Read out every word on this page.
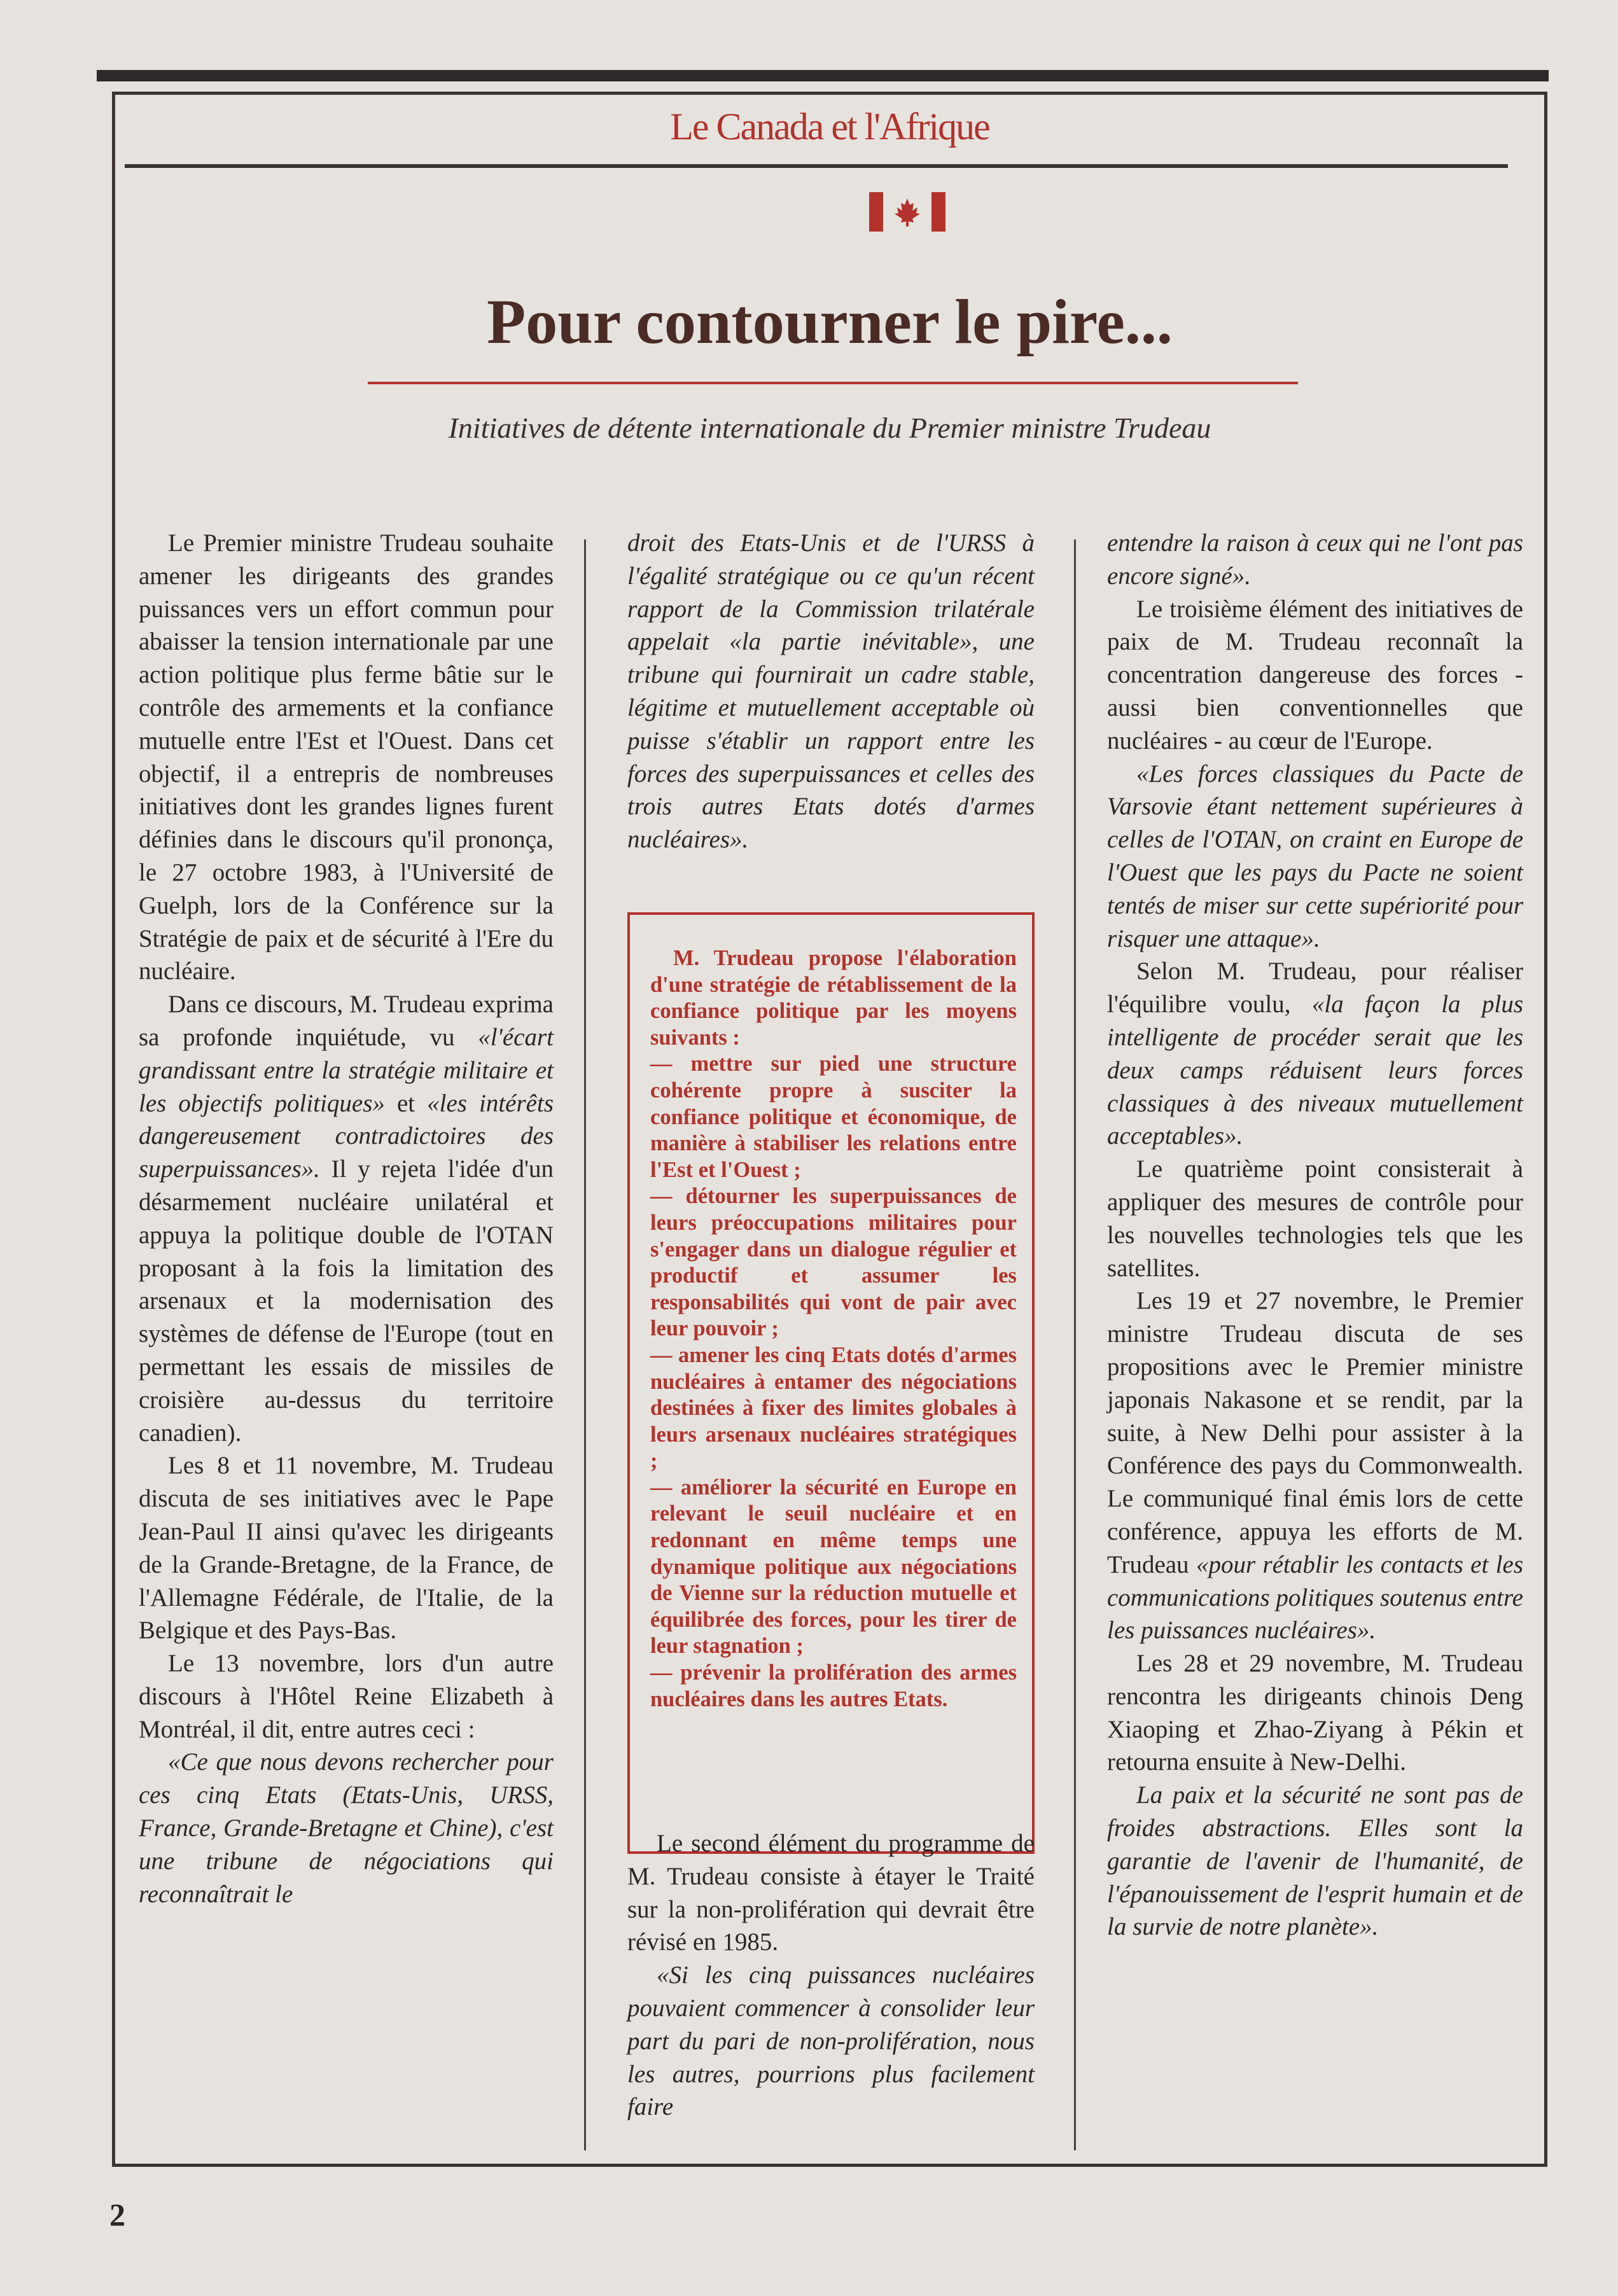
Le Canada et l'Afrique
Pour contourner le pire...
Initiatives de détente internationale du Premier ministre Trudeau

Le Premier ministre Trudeau souhaite amener les dirigeants des grandes puissances vers un effort commun pour abaisser la tension internationale par une action politique plus ferme bâtie sur le contrôle des armements et la confiance mutuelle entre l'Est et l'Ouest. Dans cet objectif, il a entrepris de nombreuses initiatives dont les grandes lignes furent définies dans le discours qu'il prononça, le 27 octobre 1983, à l'Université de Guelph, lors de la Conférence sur la Stratégie de paix et de sécurité à l'Ere du nucléaire.

Dans ce discours, M. Trudeau exprima sa profonde inquiétude, vu «l'écart grandissant entre la stratégie militaire et les objectifs politiques» et «les intérêts dangereusement contradictoires des superpuissances». Il y rejeta l'idée d'un désarmement nucléaire unilatéral et appuya la politique double de l'OTAN proposant à la fois la limitation des arsenaux et la modernisation des systèmes de défense de l'Europe (tout en permettant les essais de missiles de croisière au-dessus du territoire canadien).

Les 8 et 11 novembre, M. Trudeau discuta de ses initiatives avec le Pape Jean-Paul II ainsi qu'avec les dirigeants de la Grande-Bretagne, de la France, de l'Allemagne Fédérale, de l'Italie, de la Belgique et des Pays-Bas.

Le 13 novembre, lors d'un autre discours à l'Hôtel Reine Elizabeth à Montréal, il dit, entre autres ceci :

«Ce que nous devons rechercher pour ces cinq Etats (Etats-Unis, URSS, France, Grande-Bretagne et Chine), c'est une tribune de négociations qui reconnaîtrait le

droit des Etats-Unis et de l'URSS à l'égalité stratégique ou ce qu'un récent rapport de la Commission trilatérale appelait «la partie inévitable», une tribune qui fournirait un cadre stable, légitime et mutuellement acceptable où puisse s'établir un rapport entre les forces des superpuissances et celles des trois autres Etats dotés d'armes nucléaires».

M. Trudeau propose l'élaboration d'une stratégie de rétablissement de la confiance politique par les moyens suivants :

— mettre sur pied une structure cohérente propre à susciter la confiance politique et économique, de manière à stabiliser les relations entre l'Est et l'Ouest ;

— détourner les superpuissances de leurs préoccupations militaires pour s'engager dans un dialogue régulier et productif et assumer les responsabilités qui vont de pair avec leur pouvoir ;

— amener les cinq Etats dotés d'armes nucléaires à entamer des négociations destinées à fixer des limites globales à leurs arsenaux nucléaires stratégiques ;

— améliorer la sécurité en Europe en relevant le seuil nucléaire et en redonnant en même temps une dynamique politique aux négociations de Vienne sur la réduction mutuelle et équilibrée des forces, pour les tirer de leur stagnation ;

— prévenir la prolifération des armes nucléaires dans les autres Etats.

Le second élément du programme de M. Trudeau consiste à étayer le Traité sur la non-prolifération qui devrait être révisé en 1985.

«Si les cinq puissances nucléaires pouvaient commencer à consolider leur part du pari de non-prolifération, nous les autres, pourrions plus facilement faire

entendre la raison à ceux qui ne l'ont pas encore signé».

Le troisième élément des initiatives de paix de M. Trudeau reconnaît la concentration dangereuse des forces - aussi bien conventionnelles que nucléaires - au cœur de l'Europe.

«Les forces classiques du Pacte de Varsovie étant nettement supérieures à celles de l'OTAN, on craint en Europe de l'Ouest que les pays du Pacte ne soient tentés de miser sur cette supériorité pour risquer une attaque».

Selon M. Trudeau, pour réaliser l'équilibre voulu, «la façon la plus intelligente de procéder serait que les deux camps réduisent leurs forces classiques à des niveaux mutuellement acceptables».

Le quatrième point consisterait à appliquer des mesures de contrôle pour les nouvelles technologies tels que les satellites.

Les 19 et 27 novembre, le Premier ministre Trudeau discuta de ses propositions avec le Premier ministre japonais Nakasone et se rendit, par la suite, à New Delhi pour assister à la Conférence des pays du Commonwealth. Le communiqué final émis lors de cette conférence, appuya les efforts de M. Trudeau «pour rétablir les contacts et les communications politiques soutenus entre les puissances nucléaires».

Les 28 et 29 novembre, M. Trudeau rencontra les dirigeants chinois Deng Xiaoping et Zhao-Ziyang à Pékin et retourna ensuite à New-Delhi.

La paix et la sécurité ne sont pas de froides abstractions. Elles sont la garantie de l'avenir de l'humanité, de l'épanouissement de l'esprit humain et de la survie de notre planète».

2
